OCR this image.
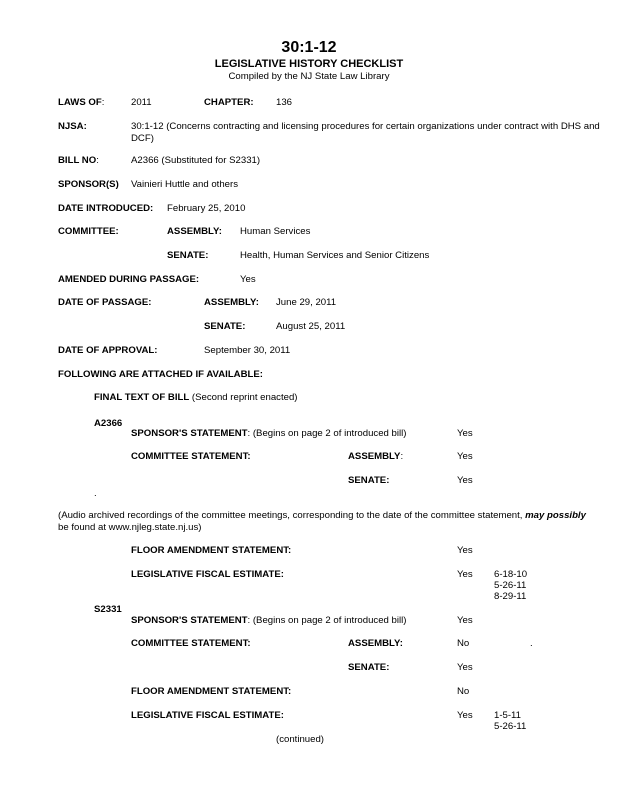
30:1-12
LEGISLATIVE HISTORY CHECKLIST
Compiled by the NJ State Law Library
LAWS OF:	2011	CHAPTER: 136
NJSA:	30:1-12 (Concerns contracting and licensing procedures for certain organizations under contract with DHS and DCF)
BILL NO:	A2366 (Substituted for S2331)
SPONSOR(S) Vainieri Huttle and others
DATE INTRODUCED: February 25, 2010
COMMITTEE:	ASSEMBLY: Human Services
SENATE:	Health, Human Services and Senior Citizens
AMENDED DURING PASSAGE:	Yes
DATE OF PASSAGE:	ASSEMBLY: June 29, 2011
SENATE:	August 25, 2011
DATE OF APPROVAL:	September 30, 2011
FOLLOWING ARE ATTACHED IF AVAILABLE:
FINAL TEXT OF BILL (Second reprint enacted)
A2366
SPONSOR'S STATEMENT: (Begins on page 2 of introduced bill)	Yes
COMMITTEE STATEMENT:	ASSEMBLY:	Yes
SENATE:	Yes
.
(Audio archived recordings of the committee meetings, corresponding to the date of the committee statement, may possibly
be found at www.njleg.state.nj.us)
FLOOR AMENDMENT STATEMENT:	Yes
LEGISLATIVE FISCAL ESTIMATE:	Yes 6-18-10
5-26-11
8-29-11
S2331
SPONSOR'S STATEMENT: (Begins on page 2 of introduced bill)	Yes
COMMITTEE STATEMENT:	ASSEMBLY:	No	.
SENATE:	Yes
FLOOR AMENDMENT STATEMENT:	No
LEGISLATIVE FISCAL ESTIMATE:	Yes 1-5-11
5-26-11
(continued)
